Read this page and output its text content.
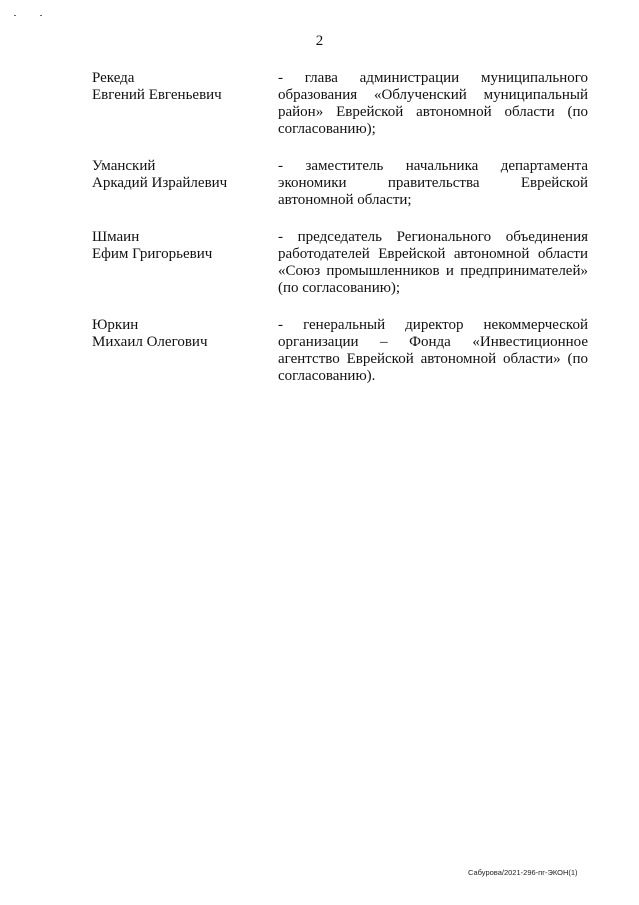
2
Рекеда
Евгений Евгеньевич
- глава администрации муниципального образования «Облученский муниципальный район» Еврейской автономной области (по согласованию);
Уманский
Аркадий Израйлевич
- заместитель начальника департамента экономики правительства Еврейской автономной области;
Шмаин
Ефим Григорьевич
- председатель Регионального объединения работодателей Еврейской автономной области «Союз промышленников и предпринимателей» (по согласованию);
Юркин
Михаил Олегович
- генеральный директор некоммерческой организации – Фонда «Инвестиционное агентство Еврейской автономной области» (по согласованию).
Сабурова/2021-296-пг-ЭКОН(1)
